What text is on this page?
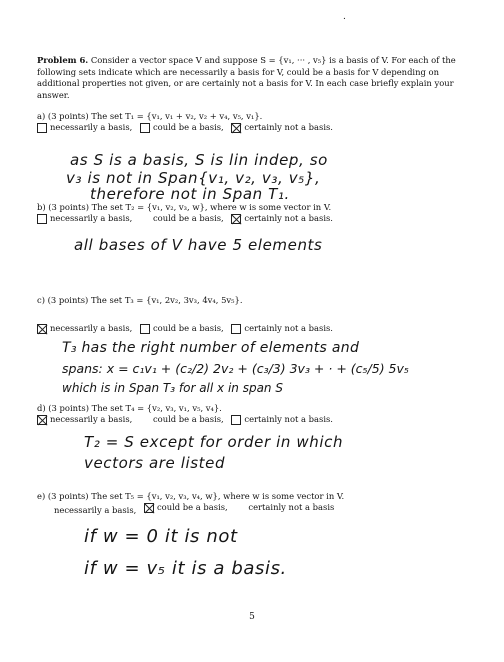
.
Problem 6. Consider a vector space V and suppose S = {v₁, ··· , v₅} is a basis of V. For each of the following sets indicate which are necessarily a basis for V, could be a basis for V depending on additional properties not given, or are certainly not a basis for V. In each case briefly explain your answer.
a) (3 points) The set T₁ = {v₁, v₁ + v₂, v₂ + v₄, v₅, v₁}.
necessarily a basis,
could be a basis,
certainly not a basis.
as S is a basis, S is lin indep, so
v₃ is not in Span{v₁, v₂, v₃, v₅},
therefore not in Span T₁.
b) (3 points) The set T₂ = {v₁, v₂, v₃, w}, where w is some vector in V.
necessarily a basis,
could be a basis,
certainly not a basis.
all bases of V have 5 elements
c) (3 points) The set T₃ = {v₁, 2v₂, 3v₃, 4v₄, 5v₅}.
necessarily a basis,
could be a basis,
certainly not a basis.
T₃ has the right number of elements and
spans: x = c₁v₁ + (c₂/2) 2v₂ + (c₃/3) 3v₃ + · + (c₅/5) 5v₅
which is in Span T₃ for all x in span S
d) (3 points) The set T₄ = {v₂, v₃, v₁, v₅, v₄}.
necessarily a basis,
could be a basis,
certainly not a basis.
T₂ = S except for order in which
vectors are listed
e) (3 points) The set T₅ = {v₁, v₂, v₃, v₄, w}, where w is some vector in V.
necessarily a basis,
could be a basis,
certainly not a basis
if w = 0 it is not
if w = v₅ it is a basis.
5
